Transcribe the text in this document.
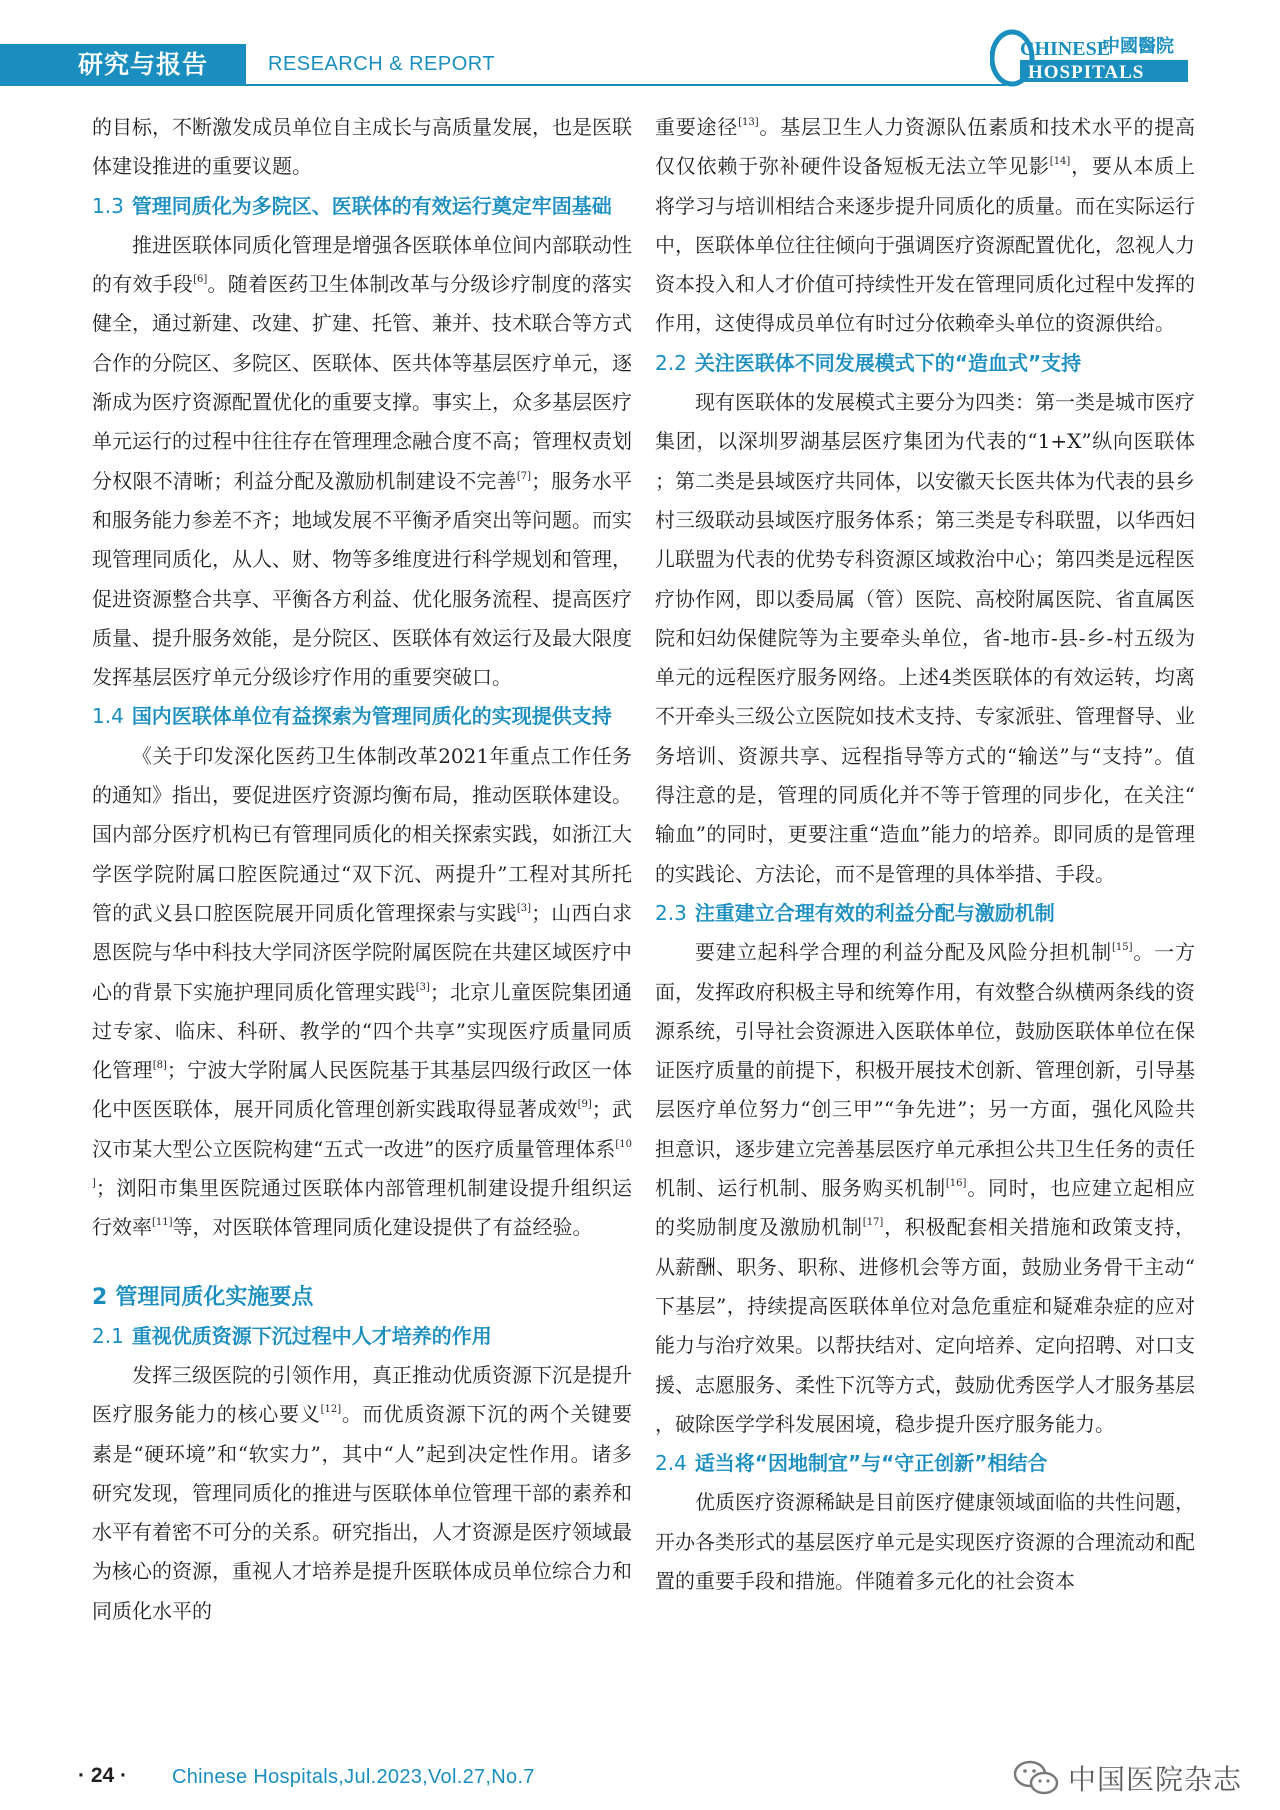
研究与报告	RESEARCH & REPORT
CHINESE
中國醫院
HOSPITALS

的目标，不断激发成员单位自主成长与高质量发展，也是医联体建设推进的重要议题。

1.3 管理同质化为多院区、医联体的有效运行奠定牢固基础

推进医联体同质化管理是增强各医联体单位间内部联动性的有效手段[6]。随着医药卫生体制改革与分级诊疗制度的落实健全，通过新建、改建、扩建、托管、兼并、技术联合等方式合作的分院区、多院区、医联体、医共体等基层医疗单元，逐渐成为医疗资源配置优化的重要支撑。事实上，众多基层医疗单元运行的过程中往往存在管理理念融合度不高；管理权责划分权限不清晰；利益分配及激励机制建设不完善[7]；服务水平和服务能力参差不齐；地域发展不平衡矛盾突出等问题。而实现管理同质化，从人、财、物等多维度进行科学规划和管理，促进资源整合共享、平衡各方利益、优化服务流程、提高医疗质量、提升服务效能，是分院区、医联体有效运行及最大限度发挥基层医疗单元分级诊疗作用的重要突破口。

1.4 国内医联体单位有益探索为管理同质化的实现提供支持

《关于印发深化医药卫生体制改革2021年重点工作任务的通知》指出，要促进医疗资源均衡布局，推动医联体建设。国内部分医疗机构已有管理同质化的相关探索实践，如浙江大学医学院附属口腔医院通过“双下沉、两提升”工程对其所托管的武义县口腔医院展开同质化管理探索与实践[3]；山西白求恩医院与华中科技大学同济医学院附属医院在共建区域医疗中心的背景下实施护理同质化管理实践[3]；北京儿童医院集团通过专家、临床、科研、教学的“四个共享”实现医疗质量同质化管理[8]；宁波大学附属人民医院基于其基层四级行政区一体化中医医联体，展开同质化管理创新实践取得显著成效[9]；武汉市某大型公立医院构建“五式一改进”的医疗质量管理体系[10]；浏阳市集里医院通过医联体内部管理机制建设提升组织运行效率[11]等，对医联体管理同质化建设提供了有益经验。

2 管理同质化实施要点
2.1 重视优质资源下沉过程中人才培养的作用

发挥三级医院的引领作用，真正推动优质资源下沉是提升医疗服务能力的核心要义[12]。而优质资源下沉的两个关键要素是“硬环境”和“软实力”，其中“人”起到决定性作用。诸多研究发现，管理同质化的推进与医联体单位管理干部的素养和水平有着密不可分的关系。研究指出，人才资源是医疗领域最为核心的资源，重视人才培养是提升医联体成员单位综合力和同质化水平的

重要途径[13]。基层卫生人力资源队伍素质和技术水平的提高仅仅依赖于弥补硬件设备短板无法立竿见影[14]，要从本质上将学习与培训相结合来逐步提升同质化的质量。而在实际运行中，医联体单位往往倾向于强调医疗资源配置优化，忽视人力资本投入和人才价值可持续性开发在管理同质化过程中发挥的作用，这使得成员单位有时过分依赖牵头单位的资源供给。

2.2 关注医联体不同发展模式下的“造血式”支持

现有医联体的发展模式主要分为四类：第一类是城市医疗集团，以深圳罗湖基层医疗集团为代表的“1+X”纵向医联体；第二类是县域医疗共同体，以安徽天长医共体为代表的县乡村三级联动县域医疗服务体系；第三类是专科联盟，以华西妇儿联盟为代表的优势专科资源区域救治中心；第四类是远程医疗协作网，即以委局属（管）医院、高校附属医院、省直属医院和妇幼保健院等为主要牵头单位，省-地市-县-乡-村五级为单元的远程医疗服务网络。上述4类医联体的有效运转，均离不开牵头三级公立医院如技术支持、专家派驻、管理督导、业务培训、资源共享、远程指导等方式的“输送”与“支持”。值得注意的是，管理的同质化并不等于管理的同步化，在关注“输血”的同时，更要注重“造血”能力的培养。即同质的是管理的实践论、方法论，而不是管理的具体举措、手段。

2.3 注重建立合理有效的利益分配与激励机制

要建立起科学合理的利益分配及风险分担机制[15]。一方面，发挥政府积极主导和统筹作用，有效整合纵横两条线的资源系统，引导社会资源进入医联体单位，鼓励医联体单位在保证医疗质量的前提下，积极开展技术创新、管理创新，引导基层医疗单位努力“创三甲”“争先进”；另一方面，强化风险共担意识，逐步建立完善基层医疗单元承担公共卫生任务的责任机制、运行机制、服务购买机制[16]。同时，也应建立起相应的奖励制度及激励机制[17]，积极配套相关措施和政策支持，从薪酬、职务、职称、进修机会等方面，鼓励业务骨干主动“下基层”，持续提高医联体单位对急危重症和疑难杂症的应对能力与治疗效果。以帮扶结对、定向培养、定向招聘、对口支援、志愿服务、柔性下沉等方式，鼓励优秀医学人才服务基层，破除医学学科发展困境，稳步提升医疗服务能力。

2.4 适当将“因地制宜”与“守正创新”相结合

优质医疗资源稀缺是目前医疗健康领域面临的共性问题，开办各类形式的基层医疗单元是实现医疗资源的合理流动和配置的重要手段和措施。伴随着多元化的社会资本

· 24 · Chinese Hospitals,Jul.2023,Vol.27,No.7	中国医院杂志
